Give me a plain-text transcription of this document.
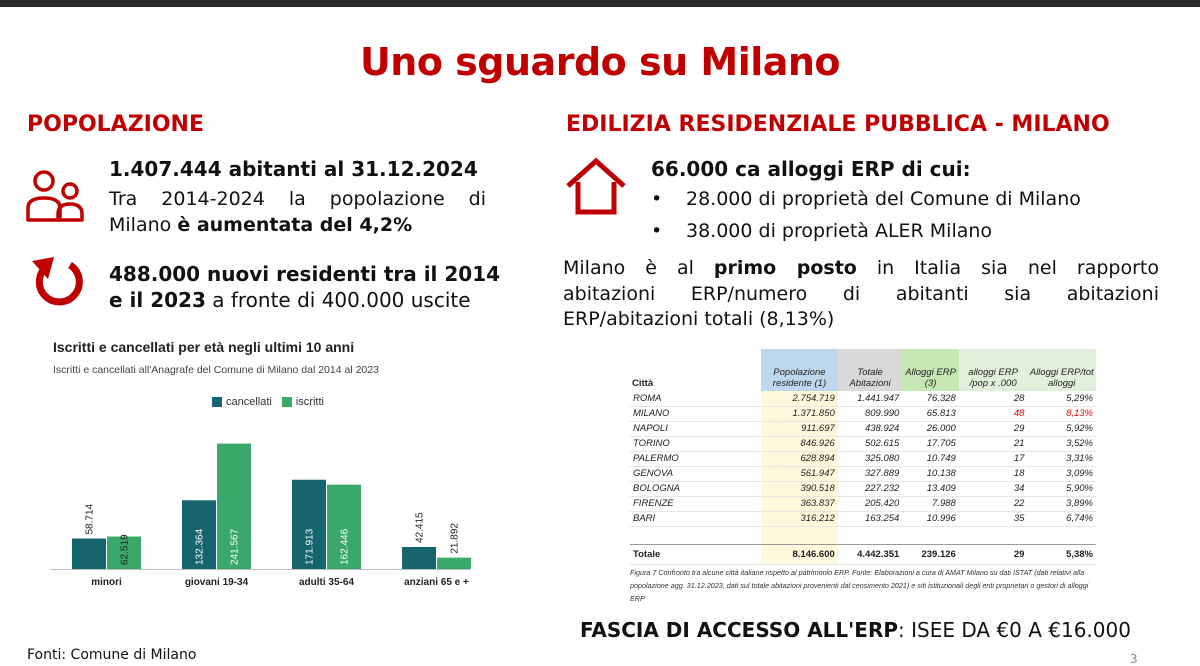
Uno sguardo su Milano
POPOLAZIONE
1.407.444 abitanti al 31.12.2024
Tra 2014-2024 la popolazione di
Milano è aumentata del 4,2%
488.000 nuovi residenti tra il 2014
e il 2023 a fronte di 400.000 uscite
Iscritti e cancellati per età negli ultimi 10 anni
Iscritti e cancellati all'Anagrafe del Comune di Milano dal 2014 al 2023
cancellati iscritti
58.714
62.519
minori
132.364 241.567
giovani 19-34
171.913 162.446
adulti 35-64
42.415 21.892
anziani 65 e +
EDILIZIA RESIDENZIALE PUBBLICA - MILANO
66.000 ca alloggi ERP di cui:
• 28.000 di proprietà del Comune di Milano
• 38.000 di proprietà ALER Milano
Milano è al primo posto in Italia sia nel rapporto
abitazioni ERP/numero di abitanti sia abitazioni
ERP/abitazioni totali (8,13%)
Città	Popolazione residente (1)	Totale Abitazioni	Alloggi ERP (3)	alloggi ERP /pop x .000	Alloggi ERP/tot alloggi
ROMA	2.754.719	1.441.947	76.328	28	5,29%
MILANO	1.371.850	809.990	65.813	48	8,13%
NAPOLI	911.697	438.924	26.000	29	5,92%
TORINO	846.926	502.615	17.705	21	3,52%
PALERMO	628.894	325.080	10.749	17	3,31%
GENOVA	561.947	327.889	10.138	18	3,09%
BOLOGNA	390.518	227.232	13.409	34	5,90%
FIRENZE	363.837	205.420	7.988	22	3,89%
BARI	316.212	163.254	10.996	35	6,74%

Totale	8.146.600	4.442.351	239.126	29	5,38%
Figura 7 Confronto tra alcune città italiane rispetto al patrimonio ERP. Fonte: Elaborazioni a cura di AMAT Milano su dati ISTAT (dati relativi alla popolazione agg. 31.12.2023, dati sul totale abitazioni provenienti dal censimento 2021) e siti istituzionali degli enti proprietari o gestori di alloggi ERP
FASCIA DI ACCESSO ALL'ERP: ISEE DA €0 A €16.000
Fonti: Comune di Milano	3
